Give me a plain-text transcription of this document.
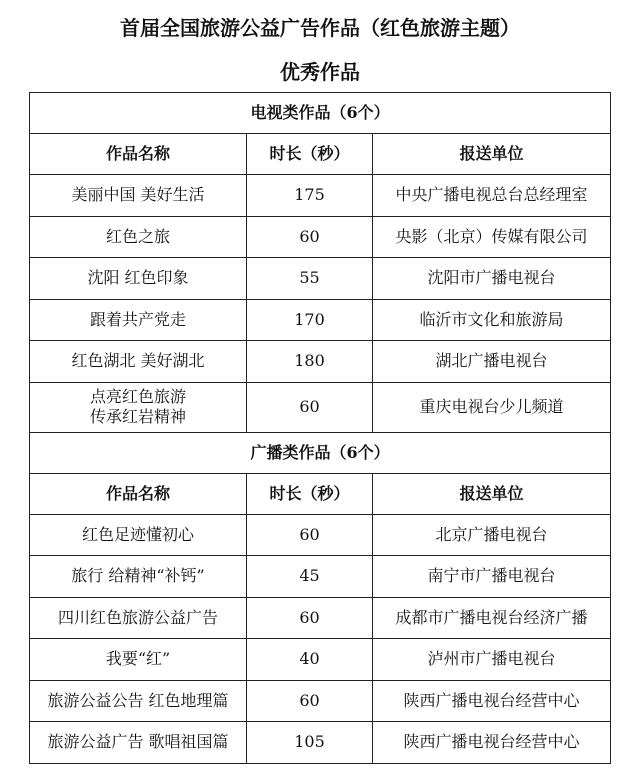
首届全国旅游公益广告作品（红色旅游主题）
优秀作品
电视类作品（6个）		
作品名称	时长（秒）	报送单位

美丽中国 美好生活	175	中央广播电视总台总经理室

红色之旅	60	央影（北京）传媒有限公司

沈阳 红色印象	55	沈阳市广播电视台

跟着共产党走	170	临沂市文化和旅游局

红色湖北 美好湖北	180	湖北广播电视台

点亮红色旅游
传承红岩精神	60	重庆电视台少儿频道
广播类作品（6个）		
作品名称	时长（秒）	报送单位

红色足迹懂初心	60	北京广播电视台

旅行 给精神“补钙”	45	南宁市广播电视台

四川红色旅游公益广告	60	成都市广播电视台经济广播

我要“红”	40	泸州市广播电视台

旅游公益公告 红色地理篇	60	陕西广播电视台经营中心

旅游公益广告 歌唱祖国篇	105	陕西广播电视台经营中心
